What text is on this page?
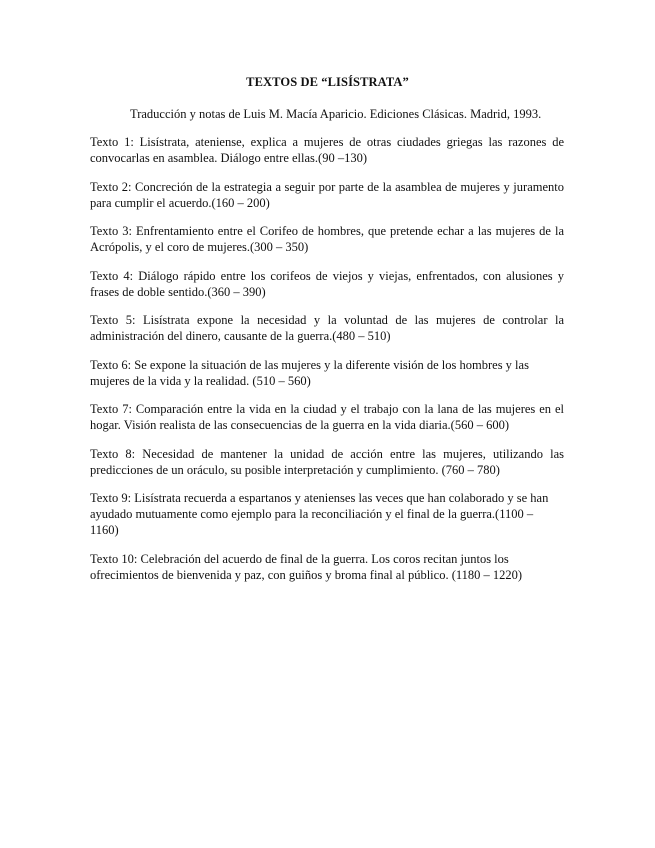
TEXTOS DE “LISÍSTRATA”
Traducción y notas de Luis M. Macía Aparicio. Ediciones Clásicas. Madrid, 1993.

Texto 1: Lisístrata, ateniense, explica a mujeres de otras ciudades griegas las razones de convocarlas en asamblea. Diálogo entre ellas.(90 –130)

Texto 2: Concreción de la estrategia a seguir por parte de la asamblea de mujeres y juramento para cumplir el acuerdo.(160 – 200)

Texto 3: Enfrentamiento entre el Corifeo de hombres, que pretende echar a las mujeres de la Acrópolis, y el coro de mujeres.(300 – 350)

Texto 4: Diálogo rápido entre los corifeos de viejos y viejas, enfrentados, con alusiones y frases de doble sentido.(360 – 390)

Texto 5: Lisístrata expone la necesidad y la voluntad de las mujeres de controlar la administración del dinero, causante de la guerra.(480 – 510)

Texto 6: Se expone la situación de las mujeres y la diferente visión de los hombres y las mujeres de la vida y la realidad. (510 – 560)

Texto 7: Comparación entre la vida en la ciudad y el trabajo con la lana de las mujeres en el hogar. Visión realista de las consecuencias de la guerra en la vida diaria.(560 – 600)

Texto 8: Necesidad de mantener la unidad de acción entre las mujeres, utilizando las predicciones de un oráculo, su posible interpretación y cumplimiento. (760 – 780)

Texto 9: Lisístrata recuerda a espartanos y atenienses las veces que han colaborado y se han ayudado mutuamente como ejemplo para la reconciliación y el final de la guerra.(1100 – 1160)

Texto 10: Celebración del acuerdo de final de la guerra. Los coros recitan juntos los ofrecimientos de bienvenida y paz, con guiños y broma final al público. (1180 – 1220)
